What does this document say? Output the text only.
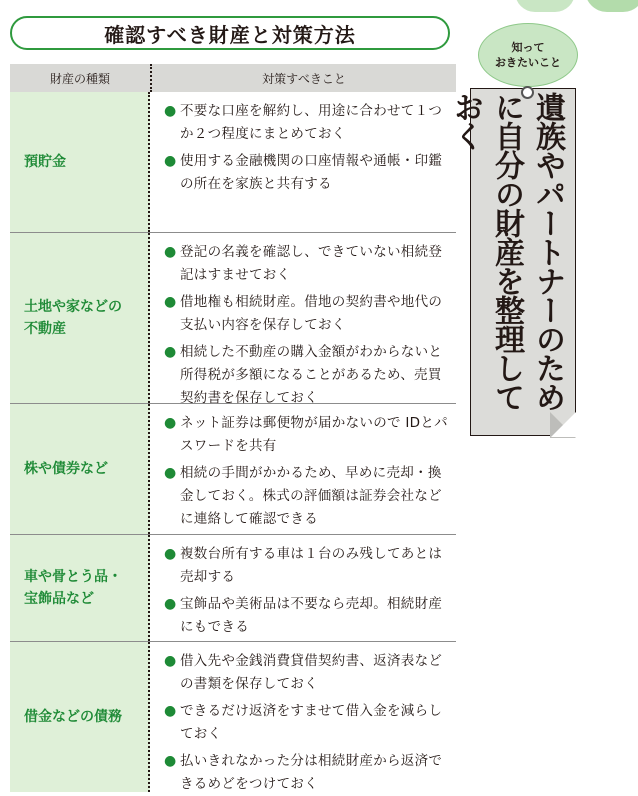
確認すべき財産と対策方法
財産の種類	対策すべきこと
預貯金
● 不要な口座を解約し、用途に合わせて１つか２つ程度にまとめておく
● 使用する金融機関の口座情報や通帳・印鑑の所在を家族と共有する
土地や家などの
不動産
● 登記の名義を確認し、できていない相続登記はすませておく
● 借地権も相続財産。借地の契約書や地代の支払い内容を保存しておく
● 相続した不動産の購入金額がわからないと所得税が多額になることがあるため、売買契約書を保存しておく
株や債券など
● ネット証券は郵便物が届かないので IDとパスワードを共有
● 相続の手間がかかるため、早めに売却・換金しておく。株式の評価額は証券会社などに連絡して確認できる
車や骨とう品・
宝飾品など
● 複数台所有する車は１台のみ残してあとは売却する
● 宝飾品や美術品は不要なら売却。相続財産にもできる
借金などの債務
● 借入先や金銭消費貸借契約書、返済表などの書類を保存しておく
● できるだけ返済をすませて借入金を減らしておく
● 払いきれなかった分は相続財産から返済できるめどをつけておく
知って
おきたいこと
遺族やパートナーのために自分の財産を整理しておく
